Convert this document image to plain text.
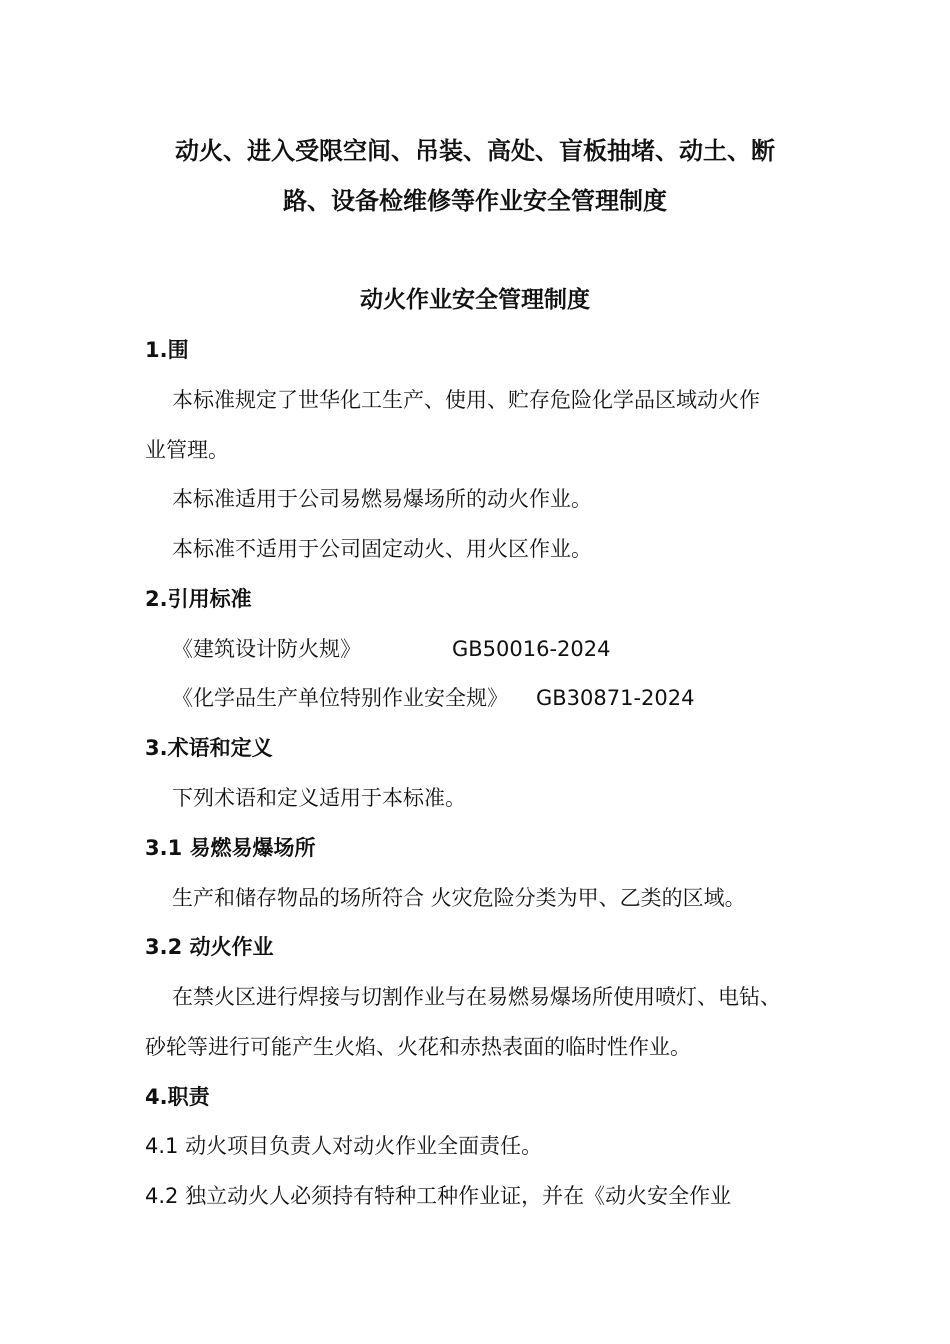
动火、进入受限空间、吊装、高处、盲板抽堵、动土、断
路、设备检维修等作业安全管理制度
动火作业安全管理制度

1.围

本标准规定了世华化工生产、使用、贮存危险化学品区域动火作

业管理。

本标准适用于公司易燃易爆场所的动火作业。

本标准不适用于公司固定动火、用火区作业。

2.引用标准

《建筑设计防火规》	GB50016-2024

《化学品生产单位特别作业安全规》 GB30871-2024

3.术语和定义

下列术语和定义适用于本标准。

3.1 易燃易爆场所

生产和储存物品的场所符合 火灾危险分类为甲、乙类的区域。

3.2 动火作业

在禁火区进行焊接与切割作业与在易燃易爆场所使用喷灯、电钻、

砂轮等进行可能产生火焰、火花和赤热表面的临时性作业。

4.职责

4.1 动火项目负责人对动火作业全面责任。

4.2 独立动火人必须持有特种工种作业证，并在《动火安全作业
